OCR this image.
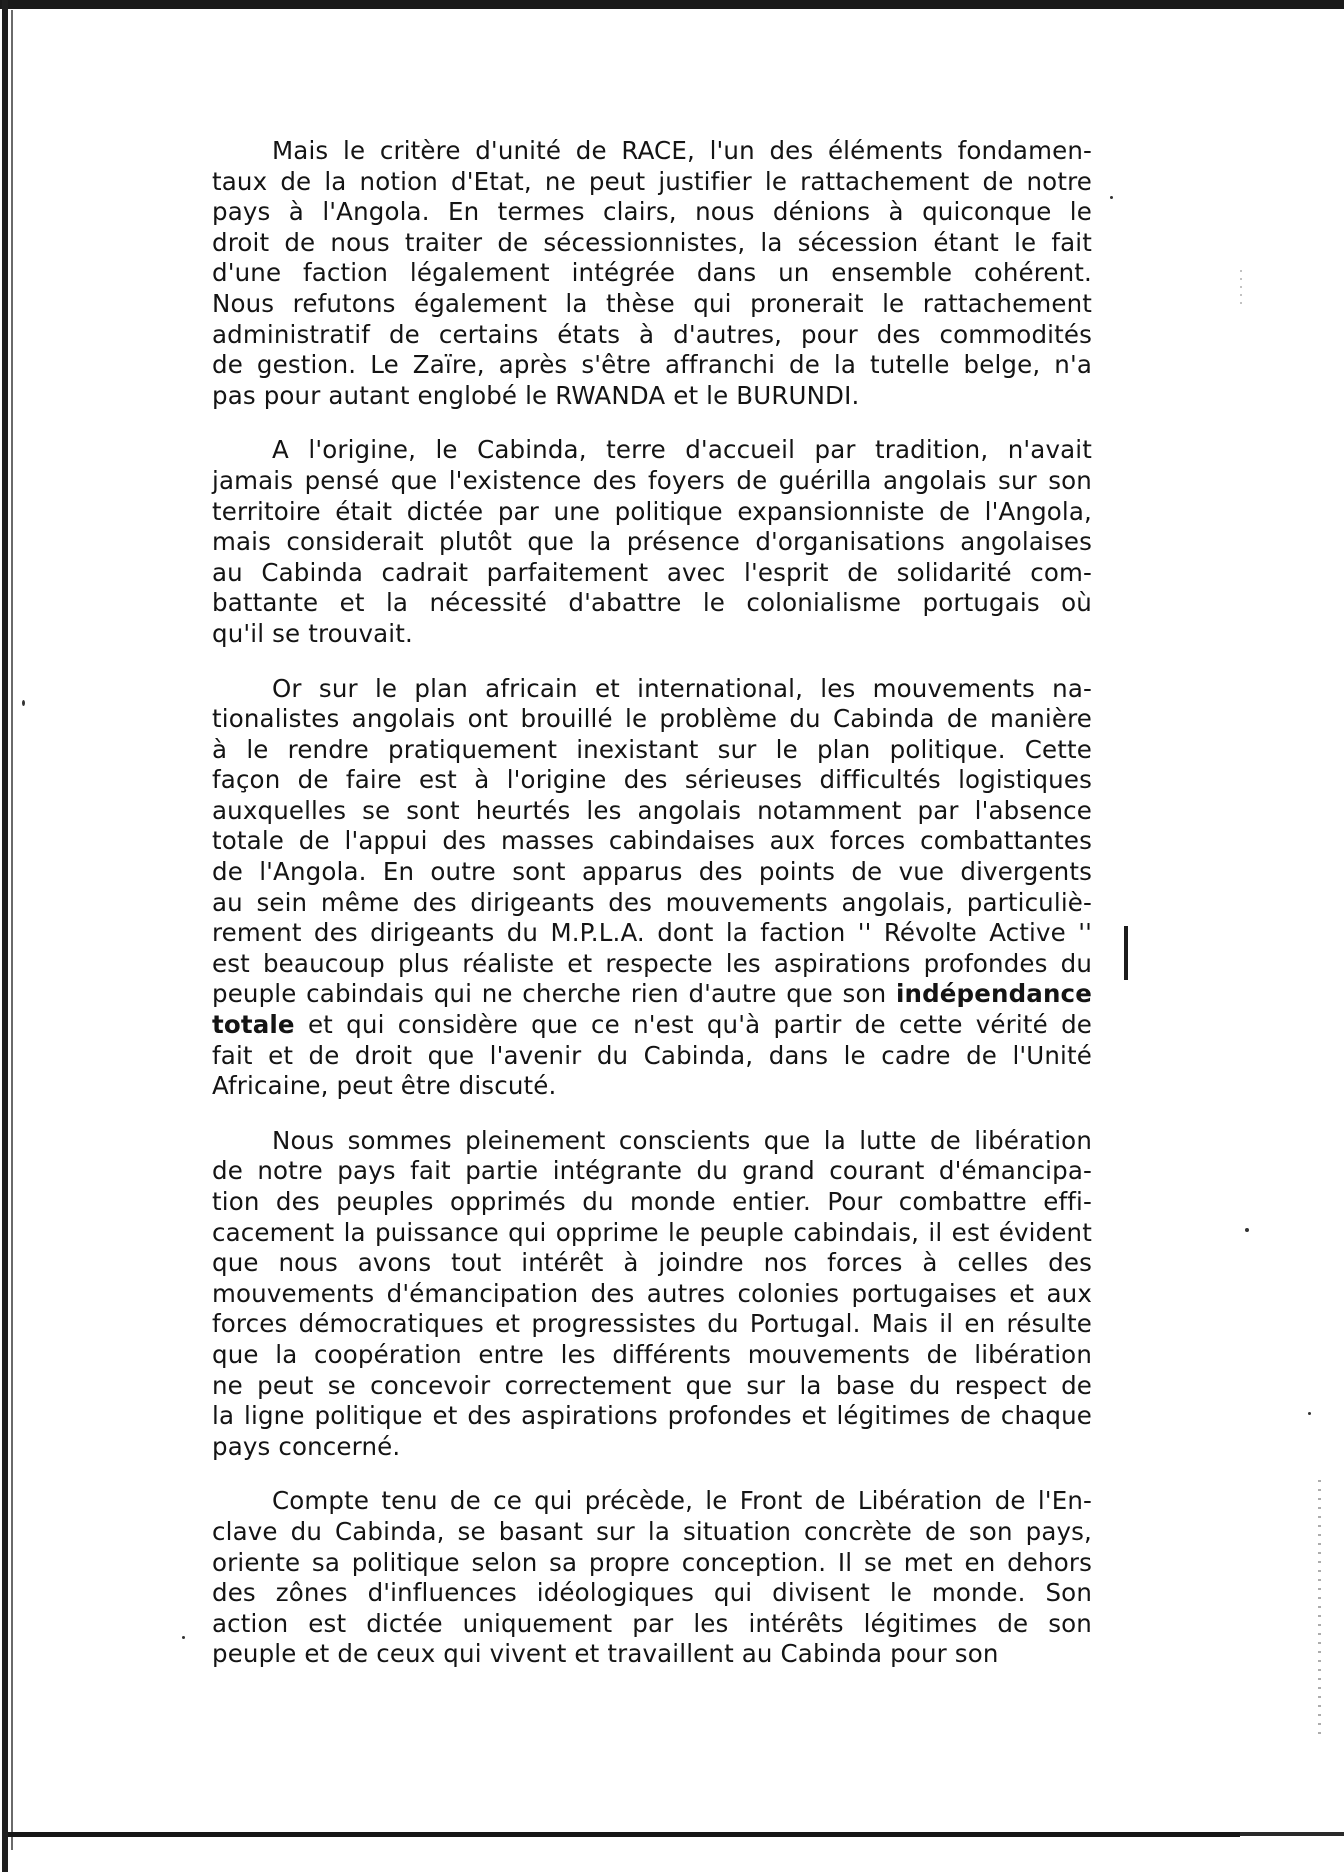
Mais le critère d'unité de RACE, l'un des éléments fondamen-
taux de la notion d'Etat, ne peut justifier le rattachement de notre
pays à l'Angola. En termes clairs, nous dénions à quiconque le
droit de nous traiter de sécessionnistes, la sécession étant le fait
d'une faction légalement intégrée dans un ensemble cohérent.
Nous refutons également la thèse qui pronerait le rattachement
administratif de certains états à d'autres, pour des commodités
de gestion. Le Zaïre, après s'être affranchi de la tutelle belge, n'a
pas pour autant englobé le RWANDA et le BURUNDI.

A l'origine, le Cabinda, terre d'accueil par tradition, n'avait
jamais pensé que l'existence des foyers de guérilla angolais sur son
territoire était dictée par une politique expansionniste de l'Angola,
mais considerait plutôt que la présence d'organisations angolaises
au Cabinda cadrait parfaitement avec l'esprit de solidarité com-
battante et la nécessité d'abattre le colonialisme portugais où
qu'il se trouvait.

Or sur le plan africain et international, les mouvements na-
tionalistes angolais ont brouillé le problème du Cabinda de manière
à le rendre pratiquement inexistant sur le plan politique. Cette
façon de faire est à l'origine des sérieuses difficultés logistiques
auxquelles se sont heurtés les angolais notamment par l'absence
totale de l'appui des masses cabindaises aux forces combattantes
de l'Angola. En outre sont apparus des points de vue divergents
au sein même des dirigeants des mouvements angolais, particuliè-
rement des dirigeants du M.P.L.A. dont la faction '' Révolte Active ''
est beaucoup plus réaliste et respecte les aspirations profondes du
peuple cabindais qui ne cherche rien d'autre que son indépendance
totale et qui considère que ce n'est qu'à partir de cette vérité de
fait et de droit que l'avenir du Cabinda, dans le cadre de l'Unité
Africaine, peut être discuté.

Nous sommes pleinement conscients que la lutte de libération
de notre pays fait partie intégrante du grand courant d'émancipa-
tion des peuples opprimés du monde entier. Pour combattre effi-
cacement la puissance qui opprime le peuple cabindais, il est évident
que nous avons tout intérêt à joindre nos forces à celles des
mouvements d'émancipation des autres colonies portugaises et aux
forces démocratiques et progressistes du Portugal. Mais il en résulte
que la coopération entre les différents mouvements de libération
ne peut se concevoir correctement que sur la base du respect de
la ligne politique et des aspirations profondes et légitimes de chaque
pays concerné.

Compte tenu de ce qui précède, le Front de Libération de l'En-
clave du Cabinda, se basant sur la situation concrète de son pays,
oriente sa politique selon sa propre conception. Il se met en dehors
des zônes d'influences idéologiques qui divisent le monde. Son
action est dictée uniquement par les intérêts légitimes de son
peuple et de ceux qui vivent et travaillent au Cabinda pour son
